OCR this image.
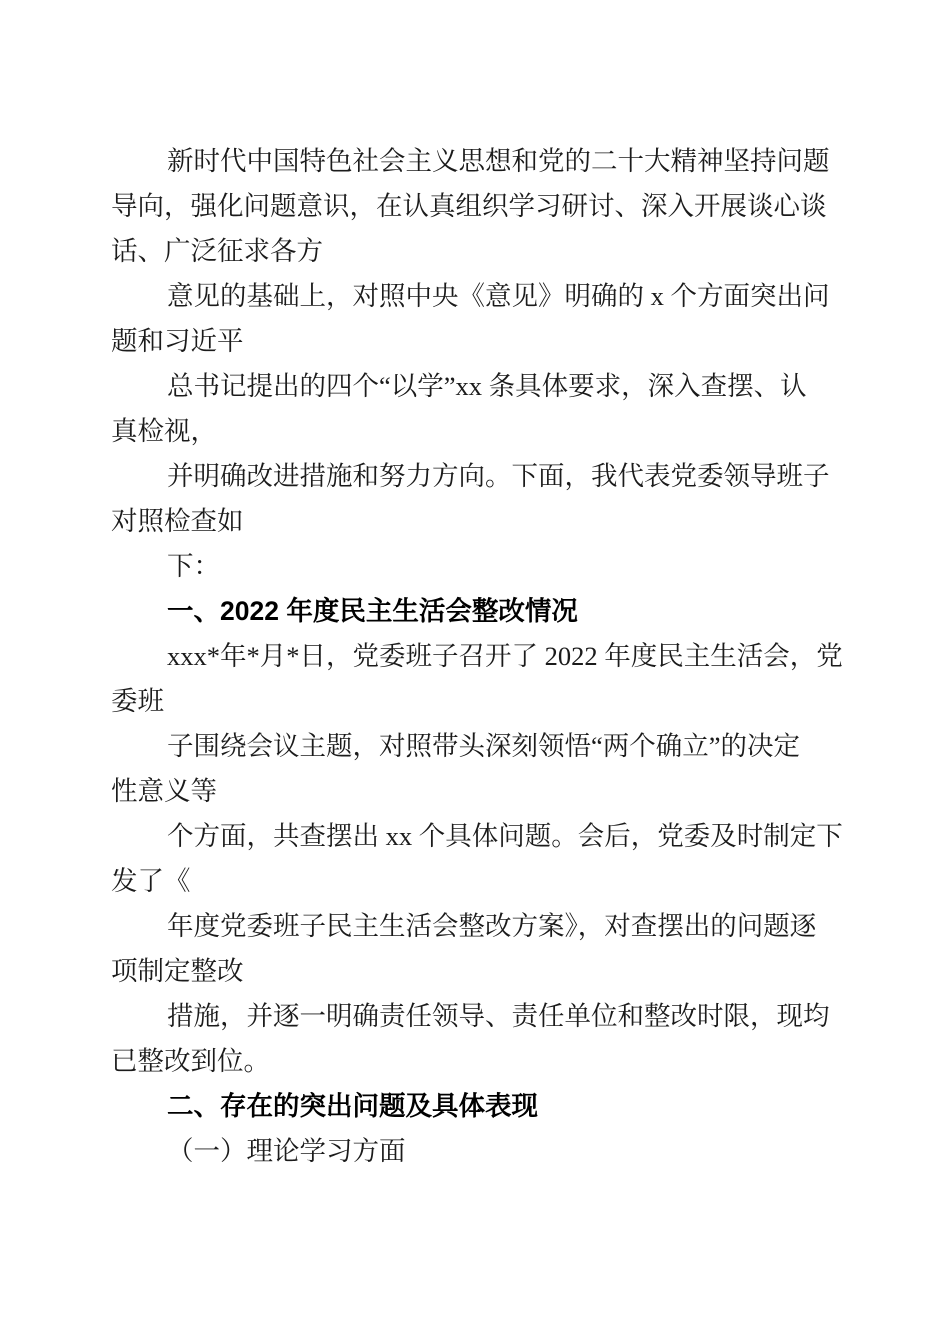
新时代中国特色社会主义思想和党的二十大精神坚持问题
导向，强化问题意识，在认真组织学习研讨、深入开展谈心谈
话、广泛征求各方
意见的基础上，对照中央《意见》明确的 x 个方面突出问
题和习近平
总书记提出的四个“以学”xx 条具体要求，深入查摆、认
真检视，
并明确改进措施和努力方向。下面，我代表党委领导班子
对照检查如
下：
一、2022 年度民主生活会整改情况
xxx*年*月*日，党委班子召开了 2022 年度民主生活会，党
委班
子围绕会议主题，对照带头深刻领悟“两个确立”的决定
性意义等
个方面，共查摆出 xx 个具体问题。会后，党委及时制定下
发了《
年度党委班子民主生活会整改方案》，对查摆出的问题逐
项制定整改
措施，并逐一明确责任领导、责任单位和整改时限，现均
已整改到位。
二、存在的突出问题及具体表现
（一）理论学习方面
